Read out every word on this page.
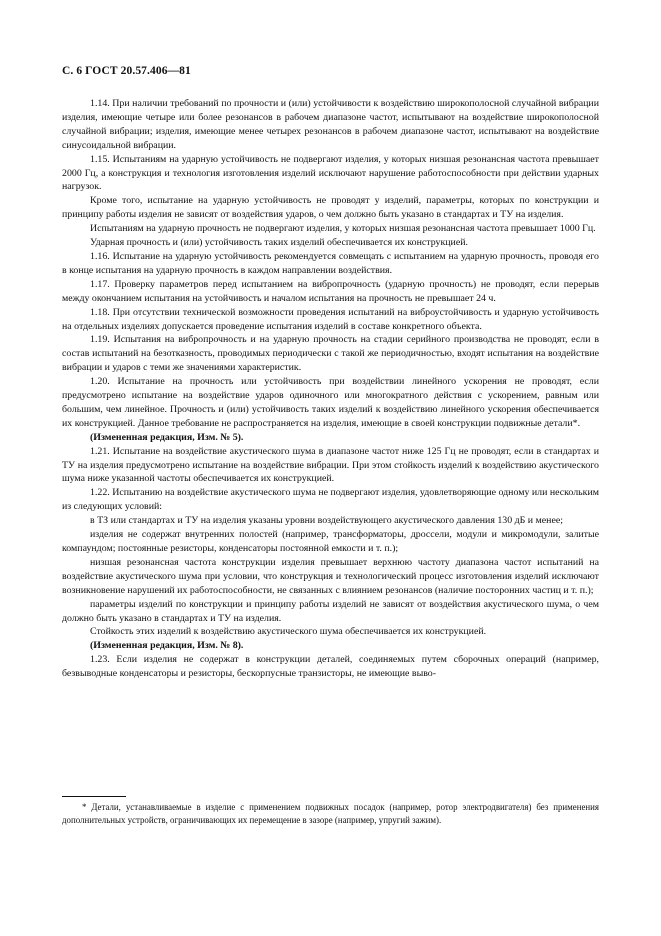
С. 6 ГОСТ 20.57.406—81

1.14. При наличии требований по прочности и (или) устойчивости к воздействию широкополосной случайной вибрации изделия, имеющие четыре или более резонансов в рабочем диапазоне частот, испытывают на воздействие широкополосной случайной вибрации; изделия, имеющие менее четырех резонансов в рабочем диапазоне частот, испытывают на воздействие синусоидальной вибрации.

1.15. Испытаниям на ударную устойчивость не подвергают изделия, у которых низшая резонансная частота превышает 2000 Гц, а конструкция и технология изготовления изделий исключают нарушение работоспособности при действии ударных нагрузок.

Кроме того, испытание на ударную устойчивость не проводят у изделий, параметры, которых по конструкции и принципу работы изделия не зависят от воздействия ударов, о чем должно быть указано в стандартах и ТУ на изделия.

Испытаниям на ударную прочность не подвергают изделия, у которых низшая резонансная частота превышает 1000 Гц.

Ударная прочность и (или) устойчивость таких изделий обеспечивается их конструкцией.

1.16. Испытание на ударную устойчивость рекомендуется совмещать с испытанием на ударную прочность, проводя его в конце испытания на ударную прочность в каждом направлении воздействия.

1.17. Проверку параметров перед испытанием на вибропрочность (ударную прочность) не проводят, если перерыв между окончанием испытания на устойчивость и началом испытания на прочность не превышает 24 ч.

1.18. При отсутствии технической возможности проведения испытаний на виброустойчивость и ударную устойчивость на отдельных изделиях допускается проведение испытания изделий в составе конкретного объекта.

1.19. Испытания на вибропрочность и на ударную прочность на стадии серийного производства не проводят, если в состав испытаний на безотказность, проводимых периодически с такой же периодичностью, входят испытания на воздействие вибрации и ударов с теми же значениями характеристик.

1.20. Испытание на прочность или устойчивость при воздействии линейного ускорения не проводят, если предусмотрено испытание на воздействие ударов одиночного или многократного действия с ускорением, равным или большим, чем линейное. Прочность и (или) устойчивость таких изделий к воздействию линейного ускорения обеспечивается их конструкцией. Данное требование не распространяется на изделия, имеющие в своей конструкции подвижные детали*.

(Измененная редакция, Изм. № 5).

1.21. Испытание на воздействие акустического шума в диапазоне частот ниже 125 Гц не проводят, если в стандартах и ТУ на изделия предусмотрено испытание на воздействие вибрации. При этом стойкость изделий к воздействию акустического шума ниже указанной частоты обеспечивается их конструкцией.

1.22. Испытанию на воздействие акустического шума не подвергают изделия, удовлетворяющие одному или нескольким из следующих условий:

в ТЗ или стандартах и ТУ на изделия указаны уровни воздействующего акустического давления 130 дБ и менее;

изделия не содержат внутренних полостей (например, трансформаторы, дроссели, модули и микромодули, залитые компаундом; постоянные резисторы, конденсаторы постоянной емкости и т. п.);

низшая резонансная частота конструкции изделия превышает верхнюю частоту диапазона частот испытаний на воздействие акустического шума при условии, что конструкция и технологический процесс изготовления изделий исключают возникновение нарушений их работоспособности, не связанных с влиянием резонансов (наличие посторонних частиц и т. п.);

параметры изделий по конструкции и принципу работы изделий не зависят от воздействия акустического шума, о чем должно быть указано в стандартах и ТУ на изделия.

Стойкость этих изделий к воздействию акустического шума обеспечивается их конструкцией.

(Измененная редакция, Изм. № 8).

1.23. Если изделия не содержат в конструкции деталей, соединяемых путем сборочных операций (например, безвыводные конденсаторы и резисторы, бескорпусные транзисторы, не имеющие выво-

* Детали, устанавливаемые в изделие с применением подвижных посадок (например, ротор электродвигателя) без применения дополнительных устройств, ограничивающих их перемещение в зазоре (например, упругий зажим).
